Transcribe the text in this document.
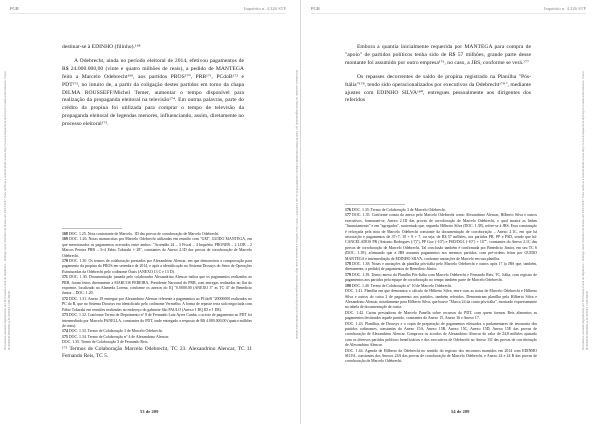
PGR	Inquérito n. 4.326 STF
Documento assinado digitalmente por Procurador-Geral da República - Rodrigo Janot Monteiro de Barros em 14/03/2017. Para verificar a autenticidade acesse http://www.transparencia.mpf.mp.br/validacaodocumento. Chave 9C29B2D6.F0E60B1A.5C2F3E19.7A8C4D2B	Documento assinado via Token digitalmente por JANOT PROCURADOR-GERAL DA REPÚBLICA, em 14/03/2017 18:05. Para verificar a assinatura acesse http://www.transparencia.mpf.mp.br/validacaodocumento

destinar-se à EDINHO (filinho).¹⁶⁸

A Odebrecht, ainda no período eleitoral de 2014, efetivou pagamentos de R$ 24.000.000,00 (vinte e quatro milhões de reais), a pedido de MANTEGA feito a Marcelo Odebrecht¹⁶⁹, aos partidos PROS¹⁷⁰, PRB¹⁷¹, PCdoB¹⁷² e PDT¹⁷³, no intuito de, a partir da coligação destes partidos em torno da chapa DILMA ROUSSEFF/Michel Temer, aumentar o tempo disponível para realização da propaganda eleitoral na televisão¹⁷⁴. Em outras palavras, parte do crédito da propina foi utilizada para comprar o tempo de televisão da propaganda eleitoral de legendas menores, influenciando, assim, diretamente no processo eleitoral¹⁷⁵.

168 DOC. 1.25. Nota contratante de Marcelo. 1D das provas de corroboração de Marcelo Odebrecht.

169 DOC. 1.26. Notas manuscritas por Marcelo Odebrecht utilizadas em reunião com "GM", GUIDO MANTEGA, em que mencionados os pagamentos acertados entre ambos: "Arrendão 24 – 3 Fiscal – 4 Inquérito PRONER – 2 LDB – 2 Marcos Pereira PRB – 3+4 Fabio Tokarski + 28", constantes do Anexo 2.1D das provas de corroboração de Marcelo Odebrecht.

170 DOC. 1.30. Os termos de colaboração prestados por Alexandrino Alencar, em que demonstrou a comprovação para pagamento da propina do PROS em setembro de 2014, e após a identificação no Sistema Drousys do Setor de Operações Estruturadas da Odebrecht pelo codinome Óasis (ANEXO 13 C e 13 D).

171 DOC. 1.30. Documentação juntada pelo colaborador Alexandrino Alencar indica que os pagamentos realizados ao PRB, foram feitos diretamente a MARCOS PEREIRA, Presidente Nacional do PRB, com entregas realizadas no flat do expoente, localizado na Alameda Lorena, conforme os anexos do IQ "0.0000.00 (ANEXO 3" as TC 47 de Benedicto Junior – DOC. 1.20.

172 DOC. 1.31. Anexo 29 entregue por Alexandrino Alencar referente a pagamentos ao PCdoB "20000000 realizados no PC do B, que no Sistema Drousys era identificado pelo codinome Vermelho. A forma de repasse teria sido negociada com Fábio Tokarski em reuniões realizadas no endereço do gabinete São PAULO (Anexo 1 BQ ID e 1 DE).

173 DOC. 1.32. Conforme Termo de Depoimento n° 8 de Fernando Luiz Ayres Cunha, o acerto de pagamento ao PDT foi intermediado por Marcelo PANELLA, constantes do PDT, onde entregado a resposta de R$ 4.000.000,00 (quatro milhões de reais).

174 DOC. 1.33. Termo de Colaboração 3 de Marcelo Odebrecht.

175 DOC. 1.34. Termo de Colaboração n° 4 de Alexandrino Alencar.

DOC. 1.35. Termo de Colaboração 3 de Fernando Reis.

¹⁷⁵ Termos de Colaboração Marcelo Odebrecht, TC 23. Alexandrino Alencar, TC 11 Fernando Reis, TC 5.

53 de 209
PGR	Inquérito n. 4.326 STF
Documento assinado digitalmente por Procurador-Geral da República - Rodrigo Janot Monteiro de Barros em 14/03/2017. Para verificar a autenticidade acesse http://www.transparencia.mpf.mp.br/validacaodocumento. Chave 9C29B2D6.F0E60B1A.5C2F3E19.7A8C4D2B

Embora a quantia inicialmente requerida por MANTEGA para compra de "apoio" de partidos políticos tenha sido de R$ 57 milhões, grande parte desse montante foi assumido por outro empresa¹⁷⁶, no caso, a JBS, conforme se verá.¹⁷⁷

Os repasses decorrentes de saldo de propina registrado na Planilha "Pós-Itália"¹⁷⁸, tendo sido operacionalizados por executivos da Odebrecht¹⁷⁹ ⁱ, mediante ajustes com EDINHO SILVA¹⁸⁰, entregues pessoalmente aos dirigentes dos referidos

176 DOC. 1.35. Termo de Colaboração 3 de Marcelo Odebrecht.

177 DOC. 1.35. Conforme consta do anexo pelo Marcelo Odebrecht como Alexandrino Alencar, Hilberto Silva e outros executivos, formaram-se, Anexo 2.1D das provas de corroboração de Marcelo Odebrecht, o qual mostra as linhas "financiamento" e em "agregados", sustentado que, segundo Hilberto Silva (DOC. 1.38), refere-se à JBS. Essa constatação é reforçada pela nota de Marcelo Odebrecht constante da documentação de corroboração – Anexo 2.1C, em que há associação e pagamentos de 37+7, 10 + 9 + 7, ou seja, de R$ 57 milhões, aos partidos PR, PP e PSD, sendo que há: CANCELADOS PR (Antonio Rodrigues (-7)"), PP Gov (-10") e PSD/DGL (-10") + 10"", constantes do Anexo 2.1C das provas de corroboração de Marcelo Odebrecht. Tal conclusão também é confirmada por Benedicto Júnior, em seu TC 6 (DOC. 1.39), afirmando que a JBS assumiu pagamentos aos mesmos partidos, com pré-ordens feitas por GUIDO MANTEGA e intermediação de EDINHO SILVA, conforme anotações de Marcelo em sua planilha.

178 DOC. 1.38. Notas e anotações da planilha pós-itália pelo Marcelo Odebrecht e outros após 17 (a JBS que, também, diretamente, a pedido) de pagamentos de Benedicto Júnior.

179 DOC. 1.39. Termo anexo da Planilha Pós-Itália com Marcelo Odebrecht e Fernando Reis, TC. Itália, com registro de pagamentos aos partidos pela equipe de corroboração no tempo também parte de Marcelo Odebrecht.

180 DOC. 1.40. Termo de Colaboração n° 10 de Marcelo Odebrecht.

DOC. 1.41. Planilha em que demonstra o cálculo de Hilberto Silva, entre com as notas de Marcelo Odebrecht e Hilberto Silva e outros do caixa 2 de pagamento aos partidos, também referidos. Demonstram planilha pela Hilberto Silva e Alexandrino Alencar, notadamente para Hilberto Silva, que houve "Marco 24 da conta pós-itália", mostrado expressamente na tabela de documentação de conta.

DOC. 1.42. Cartas prestadoras de Marcelo Panella sobre recursos do PDT, com quem formou Reis alimentos as pagamentos destinados aquele partido, constantes do Anexo 15, Anexo 16 e Anexo 17.

DOC. 1.43. Planilhas de Drousys e a copia de preparação de pagamentos efetuados a parlamentares de tesouraria dos partidos codinomes, constantes do Anexo 15A, Anexo 15B, Anexo 15C, Anexo 15D, Anexo 15E das provas de corroboração de Alexandrino Alencar. Comprova os acordos de Alexandrino Alencar do valor de 24,8 milhões ajustado com os diversos partidos políticos beneficiários e dos executivos de Odebrecht no Anexo 15J das provas de corroboração de Alexandrino Alencar.

DOC. 1.44. Agenda de Hilberto da Odebrecht no sentido do registro dos encontros mantidos em 2014 com EDINHO SILVA, constantes dos Anexos 24A das provas de corroboração de Marcelo Odebrecht, e Anexo 24 e 24 B das provas de corroboração de Marcelo Odebrecht.

54 de 209
